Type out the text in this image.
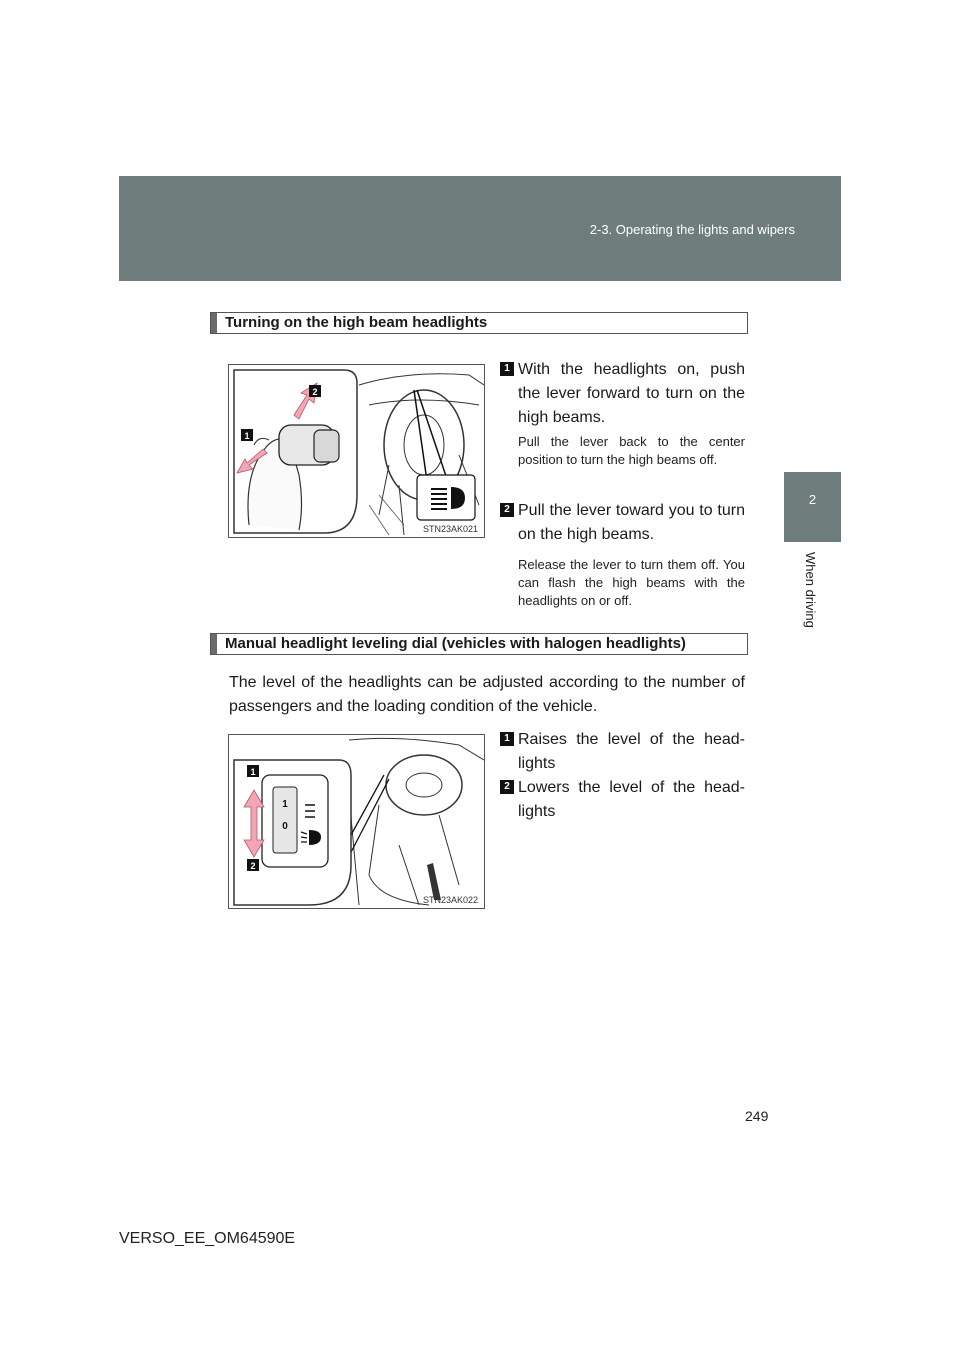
2-3. Operating the lights and wipers
2
When driving
Turning on the high beam headlights
2
1
STN23AK021
1 With the headlights on, push the lever forward to turn on the high beams.
Pull the lever back to the center position to turn the high beams off.
2 Pull the lever toward you to turn on the high beams.
Release the lever to turn them off. You can flash the high beams with the headlights on or off.
Manual headlight leveling dial (vehicles with halogen headlights)
The level of the headlights can be adjusted according to the number of passengers and the loading condition of the vehicle.
1
0
1
2
STN23AK022
1 Raises the level of the head-lights
2 Lowers the level of the head-lights
249
VERSO_EE_OM64590E
